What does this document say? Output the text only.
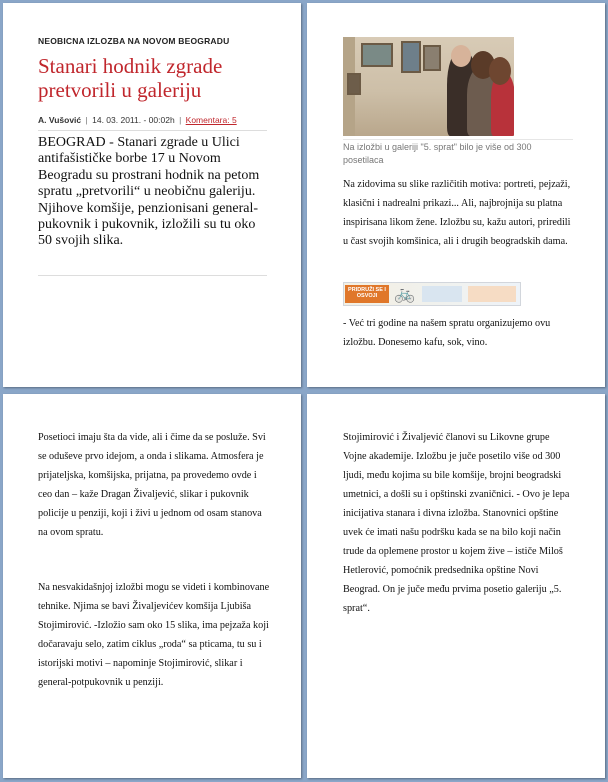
NEOBICNA IZLOZBA NA NOVOM BEOGRADU
Stanari hodnik zgrade pretvorili u galeriju
A. Vušović | 14. 03. 2011. - 00:02h | Komentara: 5

BEOGRAD - Stanari zgrade u Ulici antifašističke borbe 17 u Novom Beogradu su prostrani hodnik na petom spratu „pretvorili“ u neobičnu galeriju. Njihove komšije, penzionisani general-pukovnik i pukovnik, izložili su tu oko 50 svojih slika.

Na izložbi u galeriji "5. sprat" bilo je više od 300 posetilaca

Na zidovima su slike različitih motiva: portreti, pejzaži, klasični i nadrealni prikazi... Ali, najbrojnija su platna inspirisana likom žene. Izložbu su, kažu autori, priredili u čast svojih komšinica, ali i drugih beogradskih dama.

PRIDRUŽI SE I OSVOJI 🚲

- Već tri godine na našem spratu organizujemo ovu izložbu. Donesemo kafu, sok, vino.

Posetioci imaju šta da vide, ali i čime da se posluže. Svi se oduševe prvo idejom, a onda i slikama. Atmosfera je prijateljska, komšijska, prijatna, pa provedemo ovde i ceo dan – kaže Dragan Živaljević, slikar i pukovnik policije u penziji, koji i živi u jednom od osam stanova na ovom spratu.

Na nesvakidašnjoj izložbi mogu se videti i kombinovane tehnike. Njima se bavi Živaljevićev komšija Ljubiša Stojimirović. -Izložio sam oko 15 slika, ima pejzaža koji dočaravaju selo, zatim ciklus „roda“ sa pticama, tu su i istorijski motivi – napominje Stojimirović, slikar i general-potpukovnik u penziji.

Stojimirović i Živaljević članovi su Likovne grupe Vojne akademije. Izložbu je juče posetilo više od 300 ljudi, među kojima su bile komšije, brojni beogradski umetnici, a došli su i opštinski zvaničnici. - Ovo je lepa inicijativa stanara i divna izložba. Stanovnici opštine uvek će imati našu podršku kada se na bilo koji način trude da oplemene prostor u kojem žive – ističe Miloš Hetlerović, pomoćnik predsednika opštine Novi Beograd. On je juče među prvima posetio galeriju „5. sprat“.
